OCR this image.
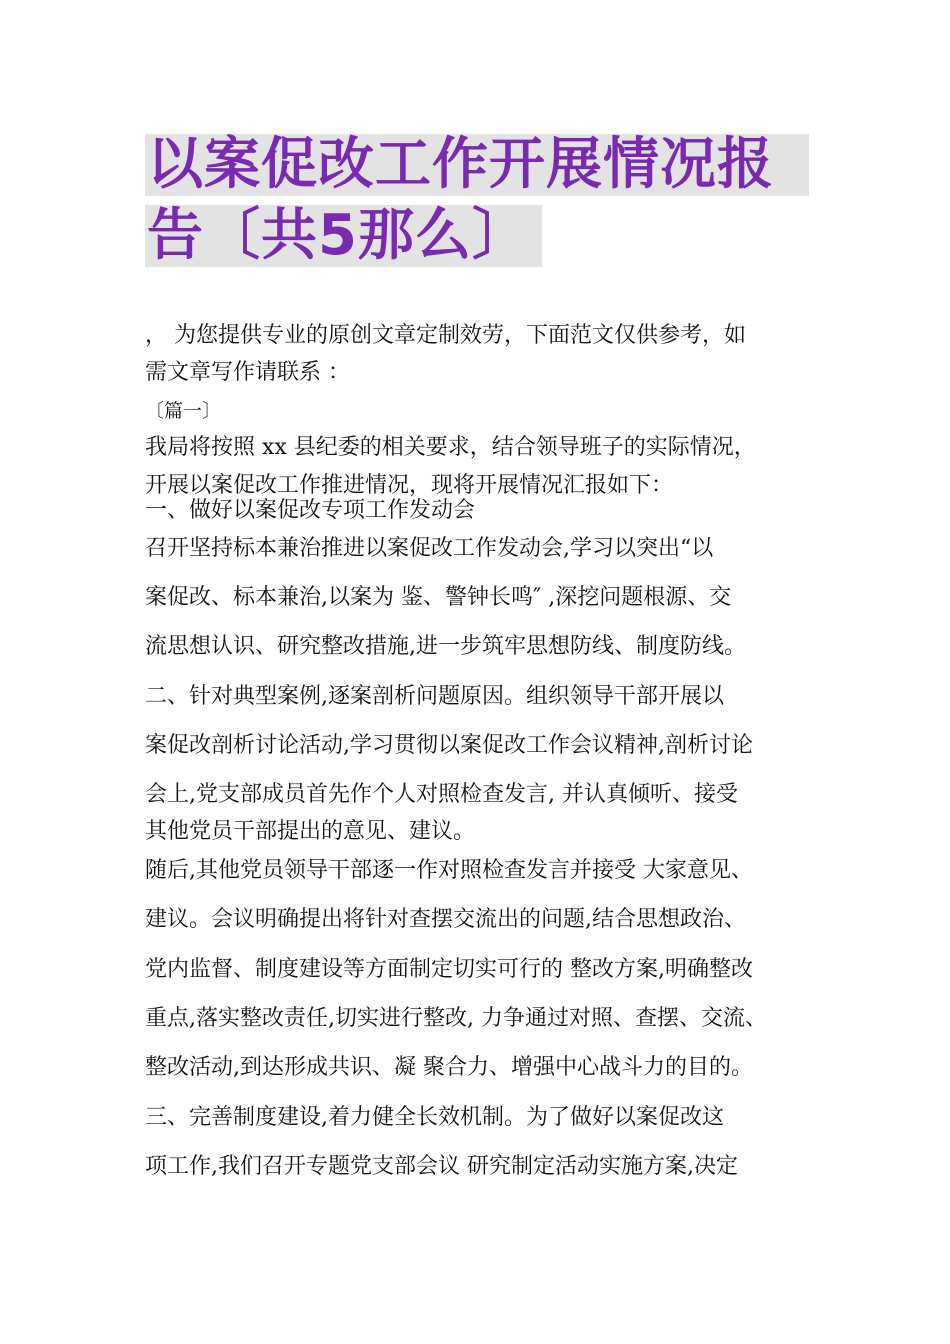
以案促改工作开展情况报
告〔共5那么〕
， 为您提供专业的原创文章定制效劳，下面范文仅供参考，如
需文章写作请联系 ：
〔篇一〕
我局将按照 xx 县纪委的相关要求，结合领导班子的实际情况，
开展以案促改工作推进情况，现将开展情况汇报如下：
一、做好以案促改专项工作发动会
召开坚持标本兼治推进以案促改工作发动会,学习以突出“以
案促改、标本兼治,以案为 鉴、警钟长鸣″ ,深挖问题根源、交
流思想认识、研究整改措施,进一步筑牢思想防线、制度防线。
二、针对典型案例,逐案剖析问题原因。组织领导干部开展以
案促改剖析讨论活动,学习贯彻以案促改工作会议精神,剖析讨论
会上,党支部成员首先作个人对照检查发言, 并认真倾听、接受
其他党员干部提出的意见、建议。
随后,其他党员领导干部逐一作对照检查发言并接受 大家意见、
建议。会议明确提出将针对查摆交流出的问题,结合思想政治、
党内监督、制度建设等方面制定切实可行的 整改方案,明确整改
重点,落实整改责任,切实进行整改, 力争通过对照、查摆、交流、
整改活动,到达形成共识、凝 聚合力、增强中心战斗力的目的。
三、完善制度建设,着力健全长效机制。为了做好以案促改这
项工作,我们召开专题党支部会议 研究制定活动实施方案,决定
